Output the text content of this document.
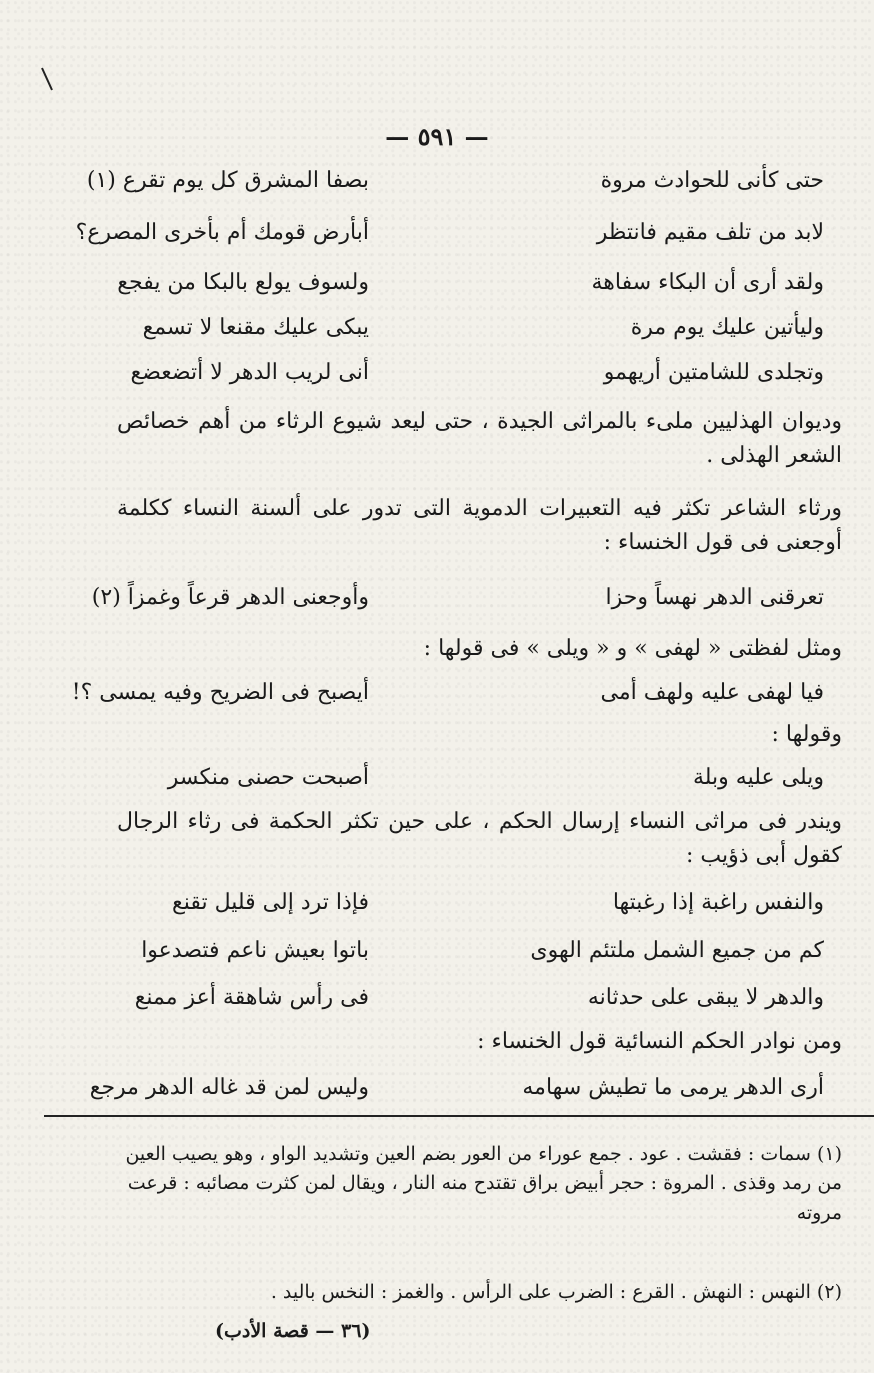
— ٥٩١ —
حتى كأنى للحوادث مروة
بصفا المشرق كل يوم تقرع (١)
لابد من تلف مقيم فانتظر
أبأرض قومك أم بأخرى المصرع؟
ولقد أرى أن البكاء سفاهة
ولسوف يولع بالبكا من يفجع
وليأتين عليك يوم مرة
يبكى عليك مقنعا لا تسمع
وتجلدى للشامتين أريهمو
أنى لريب الدهر لا أتضعضع
وديوان الهذليين ملىء بالمراثى الجيدة ، حتى ليعد شيوع الرثاء من أهم خصائص الشعر الهذلى .
ورثاء الشاعر تكثر فيه التعبيرات الدموية التى تدور على ألسنة النساء ككلمة أوجعنى فى قول الخنساء :
تعرقنى الدهر نهساً وحزا
وأوجعنى الدهر قرعاً وغمزاً (٢)
ومثل لفظتى « لهفى » و « ويلى » فى قولها :
فيا لهفى عليه ولهف أمى
أيصبح فى الضريح وفيه يمسى ؟!
وقولها :
ويلى عليه وبلة
أصبحت حصنى منكسر
ويندر فى مراثى النساء إرسال الحكم ، على حين تكثر الحكمة فى رثاء الرجال كقول أبى ذؤيب :
والنفس راغبة إذا رغبتها
فإذا ترد إلى قليل تقنع
كم من جميع الشمل ملتئم الهوى
باتوا بعيش ناعم فتصدعوا
والدهر لا يبقى على حدثانه
فى رأس شاهقة أعز ممنع
ومن نوادر الحكم النسائية قول الخنساء :
أرى الدهر يرمى ما تطيش سهامه
وليس لمن قد غاله الدهر مرجع
(١) سمات : فقشت . عود . جمع عوراء من العور بضم العين وتشديد الواو ، وهو يصيب العين من رمد وقذى . المروة : حجر أبيض براق تقتدح منه النار ، ويقال لمن كثرت مصائبه : قرعت مروته
(٢) النهس : النهش . القرع : الضرب على الرأس . والغمز : النخس باليد .
(٣٦ — قصة الأدب)
